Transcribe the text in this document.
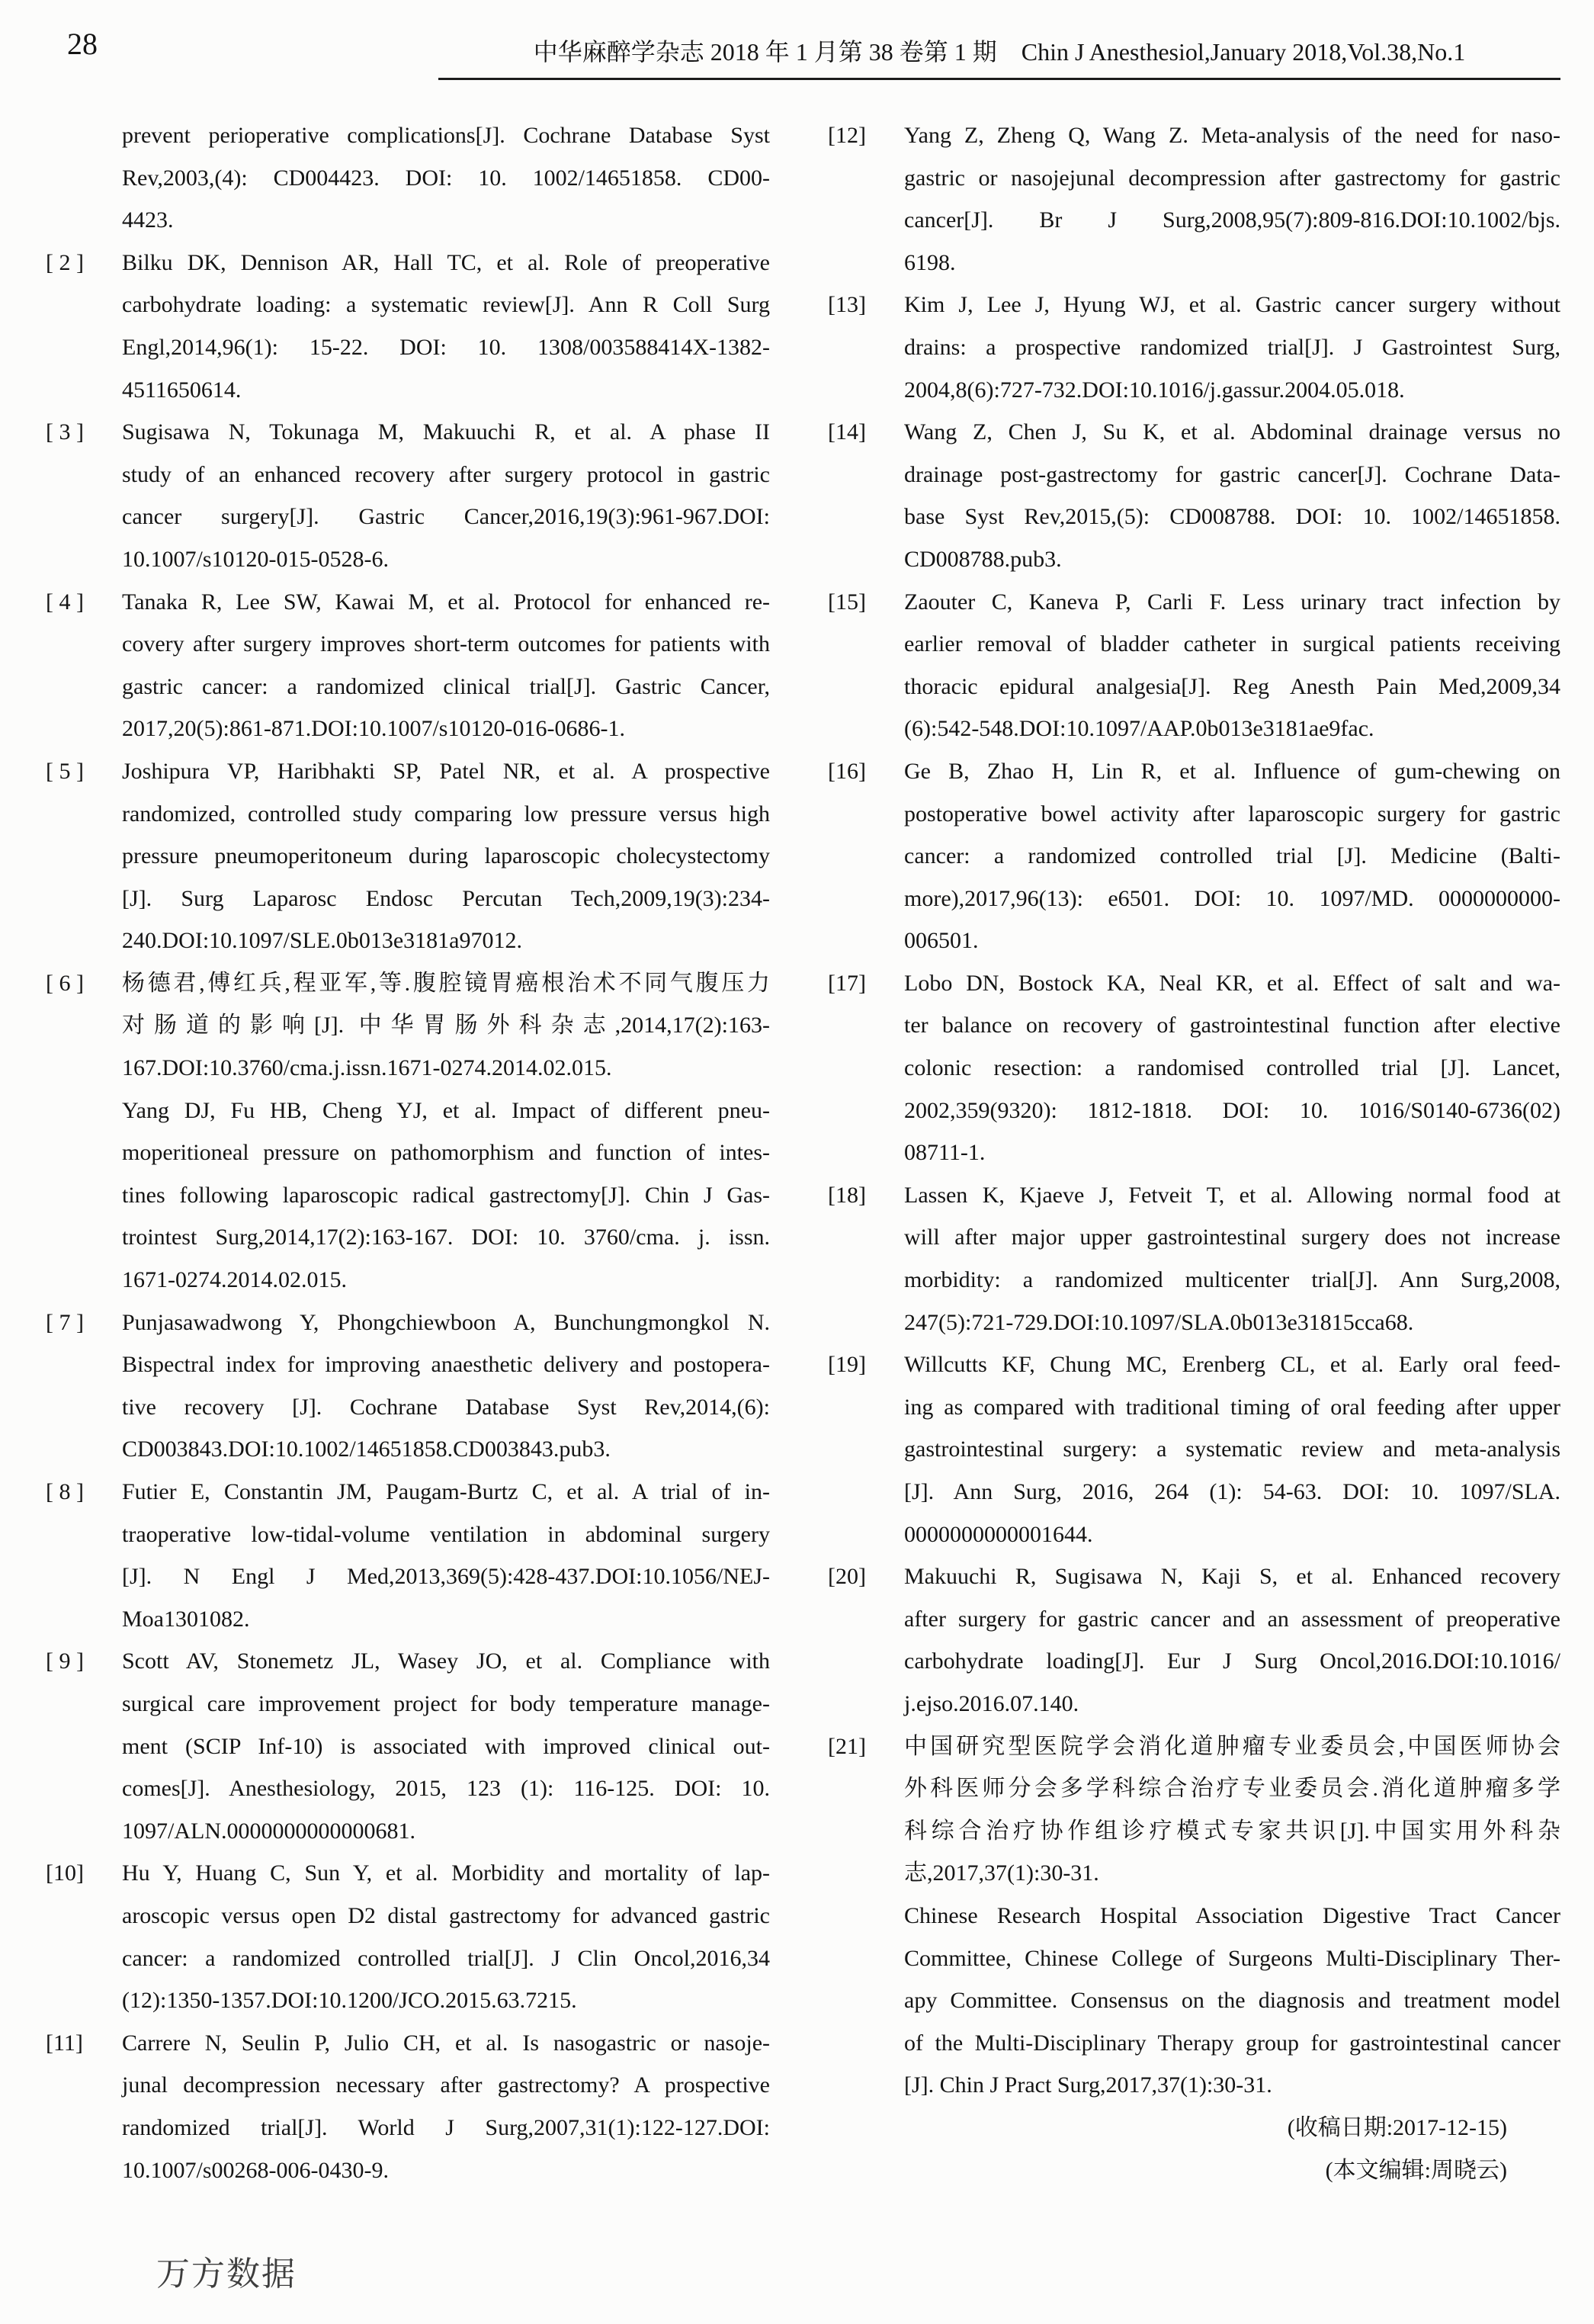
28	中华麻醉学杂志 2018 年 1 月第 38 卷第 1 期　Chin J Anesthesiol,January 2018,Vol.38,No.1
prevent perioperative complications[J]. Cochrane Database Syst
Rev,2003,(4): CD004423. DOI: 10. 1002/14651858. CD00-
4423.
[ 2 ] Bilku DK, Dennison AR, Hall TC, et al. Role of preoperative
carbohydrate loading: a systematic review[J]. Ann R Coll Surg
Engl,2014,96(1): 15-22. DOI: 10. 1308/003588414X-1382-
4511650614.
[ 3 ] Sugisawa N, Tokunaga M, Makuuchi R, et al. A phase II
study of an enhanced recovery after surgery protocol in gastric
cancer surgery[J]. Gastric Cancer,2016,19(3):961-967.DOI:
10.1007/s10120-015-0528-6.
[ 4 ] Tanaka R, Lee SW, Kawai M, et al. Protocol for enhanced re-
covery after surgery improves short-term outcomes for patients with
gastric cancer: a randomized clinical trial[J]. Gastric Cancer,
2017,20(5):861-871.DOI:10.1007/s10120-016-0686-1.
[ 5 ] Joshipura VP, Haribhakti SP, Patel NR, et al. A prospective
randomized, controlled study comparing low pressure versus high
pressure pneumoperitoneum during laparoscopic cholecystectomy
[J]. Surg Laparosc Endosc Percutan Tech,2009,19(3):234-
240.DOI:10.1097/SLE.0b013e3181a97012.
[ 6 ] 杨德君,傅红兵,程亚军,等.腹腔镜胃癌根治术不同气腹压力
对肠道的影响[J]. 中华胃肠外科杂志,2014,17(2):163-
167.DOI:10.3760/cma.j.issn.1671-0274.2014.02.015.
Yang DJ, Fu HB, Cheng YJ, et al. Impact of different pneu-
moperitioneal pressure on pathomorphism and function of intes-
tines following laparoscopic radical gastrectomy[J]. Chin J Gas-
trointest Surg,2014,17(2):163-167. DOI: 10. 3760/cma. j. issn.
1671-0274.2014.02.015.
[ 7 ] Punjasawadwong Y, Phongchiewboon A, Bunchungmongkol N.
Bispectral index for improving anaesthetic delivery and postopera-
tive recovery [J]. Cochrane Database Syst Rev,2014,(6):
CD003843.DOI:10.1002/14651858.CD003843.pub3.
[ 8 ] Futier E, Constantin JM, Paugam-Burtz C, et al. A trial of in-
traoperative low-tidal-volume ventilation in abdominal surgery
[J]. N Engl J Med,2013,369(5):428-437.DOI:10.1056/NEJ-
Moa1301082.
[ 9 ] Scott AV, Stonemetz JL, Wasey JO, et al. Compliance with
surgical care improvement project for body temperature manage-
ment (SCIP Inf-10) is associated with improved clinical out-
comes[J]. Anesthesiology, 2015, 123 (1): 116-125. DOI: 10.
1097/ALN.0000000000000681.
[10] Hu Y, Huang C, Sun Y, et al. Morbidity and mortality of lap-
aroscopic versus open D2 distal gastrectomy for advanced gastric
cancer: a randomized controlled trial[J]. J Clin Oncol,2016,34
(12):1350-1357.DOI:10.1200/JCO.2015.63.7215.
[11] Carrere N, Seulin P, Julio CH, et al. Is nasogastric or nasoje-
junal decompression necessary after gastrectomy? A prospective
randomized trial[J]. World J Surg,2007,31(1):122-127.DOI:
10.1007/s00268-006-0430-9.
[12] Yang Z, Zheng Q, Wang Z. Meta-analysis of the need for naso-
gastric or nasojejunal decompression after gastrectomy for gastric
cancer[J]. Br J Surg,2008,95(7):809-816.DOI:10.1002/bjs.
6198.
[13] Kim J, Lee J, Hyung WJ, et al. Gastric cancer surgery without
drains: a prospective randomized trial[J]. J Gastrointest Surg,
2004,8(6):727-732.DOI:10.1016/j.gassur.2004.05.018.
[14] Wang Z, Chen J, Su K, et al. Abdominal drainage versus no
drainage post-gastrectomy for gastric cancer[J]. Cochrane Data-
base Syst Rev,2015,(5): CD008788. DOI: 10. 1002/14651858.
CD008788.pub3.
[15] Zaouter C, Kaneva P, Carli F. Less urinary tract infection by
earlier removal of bladder catheter in surgical patients receiving
thoracic epidural analgesia[J]. Reg Anesth Pain Med,2009,34
(6):542-548.DOI:10.1097/AAP.0b013e3181ae9fac.
[16] Ge B, Zhao H, Lin R, et al. Influence of gum-chewing on
postoperative bowel activity after laparoscopic surgery for gastric
cancer: a randomized controlled trial [J]. Medicine (Balti-
more),2017,96(13): e6501. DOI: 10. 1097/MD. 0000000000-
006501.
[17] Lobo DN, Bostock KA, Neal KR, et al. Effect of salt and wa-
ter balance on recovery of gastrointestinal function after elective
colonic resection: a randomised controlled trial [J]. Lancet,
2002,359(9320): 1812-1818. DOI: 10. 1016/S0140-6736(02)
08711-1.
[18] Lassen K, Kjaeve J, Fetveit T, et al. Allowing normal food at
will after major upper gastrointestinal surgery does not increase
morbidity: a randomized multicenter trial[J]. Ann Surg,2008,
247(5):721-729.DOI:10.1097/SLA.0b013e31815cca68.
[19] Willcutts KF, Chung MC, Erenberg CL, et al. Early oral feed-
ing as compared with traditional timing of oral feeding after upper
gastrointestinal surgery: a systematic review and meta-analysis
[J]. Ann Surg, 2016, 264 (1): 54-63. DOI: 10. 1097/SLA.
0000000000001644.
[20] Makuuchi R, Sugisawa N, Kaji S, et al. Enhanced recovery
after surgery for gastric cancer and an assessment of preoperative
carbohydrate loading[J]. Eur J Surg Oncol,2016.DOI:10.1016/
j.ejso.2016.07.140.
[21] 中国研究型医院学会消化道肿瘤专业委员会,中国医师协会
外科医师分会多学科综合治疗专业委员会.消化道肿瘤多学
科综合治疗协作组诊疗模式专家共识[J].中国实用外科杂
志,2017,37(1):30-31.
Chinese Research Hospital Association Digestive Tract Cancer
Committee, Chinese College of Surgeons Multi-Disciplinary Ther-
apy Committee. Consensus on the diagnosis and treatment model
of the Multi-Disciplinary Therapy group for gastrointestinal cancer
[J]. Chin J Pract Surg,2017,37(1):30-31.
(收稿日期:2017-12-15)
(本文编辑:周晓云)
万方数据
